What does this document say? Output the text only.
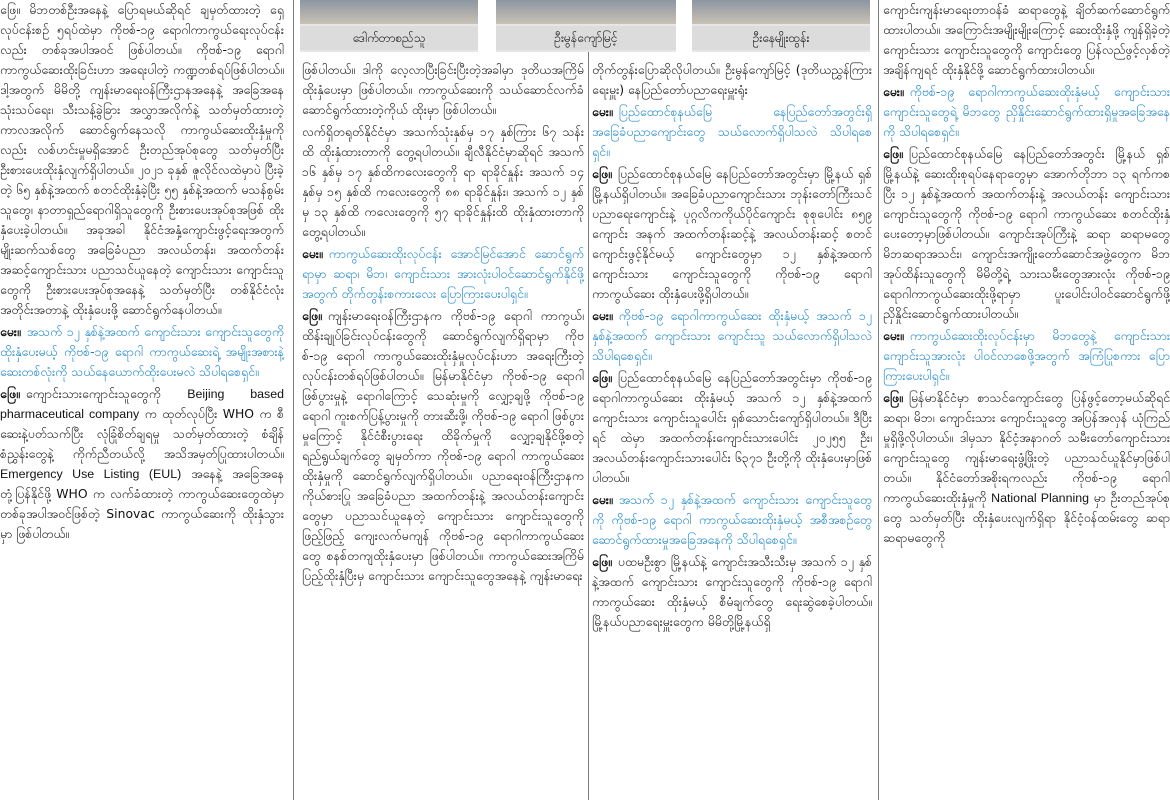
ဖြေ။ မိဘတစ်ဦးအနေနဲ့ ပြောရမယ်ဆိုရင် ချမှတ်ထားတဲ့ ရှေ့လုပ်ငန်းစဉ် ၅ရပ်ထဲမှာ ကိုဗစ်-၁၉ ရောဂါကာကွယ်ရေးလုပ်ငန်းလည်း တစ်ခုအပါအဝင် ဖြစ်ပါတယ်။ ကိုဗစ်-၁၉ ရောဂါ ကာကွယ်ဆေးထိုးခြင်းဟာ အရေးပါတဲ့ ကဏ္ဍတစ်ရပ်ဖြစ်ပါတယ်။ ဒါ့အတွက် မိမိတို့ ကျန်းမာရေးဝန်ကြီးဌာနအနေနဲ့ အခြေအနေ သုံးသပ်ရေး၊ သီးသန့်ခွဲခြား အလွှာအလိုက်နဲ့ သတ်မှတ်ထားတဲ့ ကာလအလိုက် ဆောင်ရွက်နေသလို ကာကွယ်ဆေးထိုးနှံမှုကိုလည်း လစ်ဟင်းမှုမရှိအောင် ဦးတည်အုပ်စုတွေ သတ်မှတ်ပြီး ဦးစားပေးထိုးနှံလျက်ရှိပါတယ်။ ၂၀၂၁ ခုနှစ် ဇူလိုင်လထဲမှာပဲ ပြီးခဲ့တဲ့ ၆၅ နှစ်နဲ့အထက် စတင်ထိုးနှံခဲ့ပြီး ၅၅ နှစ်နဲ့အထက် မသန်စွမ်းသူတွေ၊ နာတာရှည်ရောဂါရှိသူတွေကို ဦးစားပေးအုပ်စုအဖြစ် ထိုးနှံပေးခဲ့ပါတယ်။ အခုအခါ နိုင်ငံအနှံ့ကျောင်းဖွင့်ရေးအတွက် မျိုးဆက်သစ်တွေ အခြေခံပညာ အလယ်တန်း၊ အထက်တန်းအဆင့်ကျောင်းသား ပညာသင်ယူနေတဲ့ ကျောင်းသား ကျောင်းသူတွေကို ဦးစားပေးအုပ်စုအနေနဲ့ သတ်မှတ်ပြီး တစ်နိုင်ငံလုံးအတိုင်းအတာနဲ့ ထိုးနှံပေးဖို့ ဆောင်ရွက်နေပါတယ်။

မေး။ အသက် ၁၂ နှစ်နဲ့အထက် ကျောင်းသား ကျောင်းသူတွေကို ထိုးနှံပေးမယ့် ကိုဗစ်-၁၉ ရောဂါ ကာကွယ်ဆေးရဲ့ အမျိုးအစားနဲ့ ဆေးတစ်လုံးကို သယ်နေယောက်ထိုးပေးမလဲ သိပါရစေရှင်။

ဖြေ။ ကျောင်းသားကျောင်းသူတွေကို Beijing based pharmaceutical company က ထုတ်လုပ်ပြီး WHO က စီဆေးနဲ့ပတ်သက်ပြီး လုံခြုံစိတ်ချရမှု သတ်မှတ်ထားတဲ့ စံချိန်စံညွှန်းတွေနဲ့ ကိုက်ညီတယ်လို့ အသိအမှတ်ပြုထားပါတယ်။ Emergency Use Listing (EUL) အနေနဲ့ အခြေအနေတုံ့ပြန်နိုင်ဖို့ WHO က လက်ခံထားတဲ့ ကာကွယ်ဆေးတွေထဲမှာ တစ်ခုအပါအဝင်ဖြစ်တဲ့ Sinovac ကာကွယ်ဆေးကို ထိုးနှံသွားမှာ ဖြစ်ပါတယ်။

ဒေါက်တာစည်သူ	ဦးမွန်ကျော်မြင့်	ဦးနေမျိုးထွန်း

ဖြစ်ပါတယ်။ ဒါကို လေ့လာပြီးခြင်းပြီးတဲ့အခါမှာ ဒုတိယအကြိမ်ထိုးနှံပေးမှာ ဖြစ်ပါတယ်။ ကာကွယ်ဆေးကို သယ်ဆောင်လက်ခံဆောင်ရွက်ထားတဲ့ကိုယ် ထိုးမှာ ဖြစ်ပါတယ်။

လက်ရှိတရုတ်နိုင်ငံမှာ အသက်သုံးနှစ်မှ ၁၇ နှစ်ကြား ၆၇ သန်းထိ ထိုးနှံထားတာကို တွေ့ရပါတယ်။ ချီလီနိုင်ငံမှာဆိုရင် အသက် ၁၆ နှစ်မှ ၁၇ နှစ်ထိကလေးတွေကို ရာ ရာခိုင်နှုန်း အသက် ၁၄ နှစ်မှ ၁၅ နှစ်ထိ ကလေးတွေကို ၈၈ ရာခိုင်နှုန်း၊ အသက် ၁၂ နှစ်မှ ၁၃ နှစ်ထိ ကလေးတွေကို ၅၇ ရာခိုင်နှုန်းထိ ထိုးနှံထားတာကို တွေ့ရပါတယ်။

မေး။ ကာကွယ်ဆေးထိုးလုပ်ငန်း အောင်မြင်အောင် ဆောင်ရွက်ရာမှာ ဆရာ၊ မိဘ၊ ကျောင်းသား အားလုံးပါဝင်ဆောင်ရွက်နိုင်ဖို့အတွက် တိုက်တွန်းစကားလေး ပြောကြားပေးပါရှင်။

ဖြေ။ ကျန်းမာရေးဝန်ကြီးဌာနက ကိုဗစ်-၁၉ ရောဂါ ကာကွယ်၊ ထိန်းချုပ်ခြင်းလုပ်ငန်းတွေကို ဆောင်ရွက်လျက်ရှိရာမှာ ကိုဗစ်-၁၉ ရောဂါ ကာကွယ်ဆေးထိုးနှံမှုလုပ်ငန်းဟာ အရေးကြီးတဲ့ လုပ်ငန်းတစ်ရပ်ဖြစ်ပါတယ်။ မြန်မာနိုင်ငံမှာ ကိုဗစ်-၁၉ ရောဂါဖြစ်ပွားမှုနဲ့ ရောဂါကြောင့် သေဆုံးမှုကို လျှော့ချဖို့ ကိုဗစ်-၁၉ ရောဂါ ကူးစက်ပြန့်ပွားမှုကို တားဆီးဖို့၊ ကိုဗစ်-၁၉ ရောဂါ ဖြစ်ပွားမှုကြောင့် နိုင်ငံစီးပွားရေး ထိခိုက်မှုကို လျှော့ချနိုင်ဖို့စတဲ့ ရည်ရွယ်ချက်တွေ ချမှတ်ကာ ကိုဗစ်-၁၉ ရောဂါ ကာကွယ်ဆေးထိုးနှံမှုကို ဆောင်ရွက်လျက်ရှိပါတယ်။ ပညာရေးဝန်ကြီးဌာနက ကိုယ်စားပြု အခြေခံပညာ အထက်တန်းနဲ့ အလယ်တန်းကျောင်းတွေမှာ ပညာသင်ယူနေတဲ့ ကျောင်းသား ကျောင်းသူတွေကို ဖြည့်ဖြည့် ကျေးလက်မကျန် ကိုဗစ်-၁၉ ရောဂါကာကွယ်ဆေးတွေ စနစ်တကျထိုးနှံပေးမှာ ဖြစ်ပါတယ်။ ကာကွယ်ဆေးအကြိမ်ပြည့်ထိုးနှံပြီးမှ ကျောင်းသား ကျောင်းသူတွေအနေနဲ့ ကျန်းမာရေး

တိုက်တွန်းပြောဆိုလိုပါတယ်။ ဦးမွန်ကျော်မြင့် (ဒုတိယညွှန်ကြားရေးမှူး) နေပြည်တော်ပညာရေးမှူးရုံး

မေး။ ပြည်ထောင်စုနယ်မြေ နေပြည်တော်အတွင်းရှိ အခြေခံပညာကျောင်းတွေ သယ်လောက်ရှိပါသလဲ သိပါရစေရှင်။

ဖြေ။ ပြည်ထောင်စုနယ်မြေ နေပြည်တော်အတွင်းမှာ မြို့နယ် ရှစ်မြို့နယ်ရှိပါတယ်။ အခြေခံပညာကျောင်းသား ဘုန်းတော်ကြီးသင်ပညာရေးကျောင်းနဲ့ ပုဂ္ဂလိကကိုယ်ပိုင်ကျောင်း စုစုပေါင်း ၈၅၉ ကျောင်း အနက် အထက်တန်းဆင့်နဲ့ အလယ်တန်းဆင့် စတင်ကျောင်းဖွင့်နိုင်မယ့် ကျောင်းတွေမှာ ၁၂ နှစ်နဲ့အထက် ကျောင်းသား ကျောင်းသူတွေကို ကိုဗစ်-၁၉ ရောဂါ ကာကွယ်ဆေး ထိုးနှံပေးဖို့ရှိပါတယ်။

မေး။ ကိုဗစ်-၁၉ ရောဂါကာကွယ်ဆေး ထိုးနှံမယ့် အသက် ၁၂ နှစ်နဲ့အထက် ကျောင်းသား ကျောင်းသူ သယ်လောက်ရှိပါသလဲ သိပါရစေရှင်။

ဖြေ။ ပြည်ထောင်စုနယ်မြေ နေပြည်တော်အတွင်းမှာ ကိုဗစ်-၁၉ ရောဂါကာကွယ်ဆေး ထိုးနှံမယ့် အသက် ၁၂ နှစ်နဲ့အထက် ကျောင်းသား ကျောင်းသူပေါင်း ရှစ်သောင်းကျော်ရှိပါတယ်။ ဒီပြီးရင် ထဲမှာ အထက်တန်းကျောင်းသားပေါင်း ၂၀၂၅၅ ဦး၊ အလယ်တန်းကျောင်းသားပေါင်း ၆၃၇၁ ဦးတို့ကို ထိုးနှံပေးမှာဖြစ်ပါတယ်။

မေး။ အသက် ၁၂ နှစ်နဲ့အထက် ကျောင်းသား ကျောင်းသူတွေကို ကိုဗစ်-၁၉ ရောဂါ ကာကွယ်ဆေးထိုးနှံမယ့် အစီအစဉ်တွေ ဆောင်ရွက်ထားမှုအခြေအနေကို သိပါရစေရှင်။

ဖြေ။ ပထမဦးစွာ မြို့နယ်နဲ့ ကျောင်းအသီးသီးမှ အသက် ၁၂ နှစ်နဲ့အထက် ကျောင်းသား ကျောင်းသူတွေကို ကိုဗစ်-၁၉ ရောဂါ ကာကွယ်ဆေး ထိုးနှံမယ့် စီမံချက်တွေ ရေးဆွဲစေခဲ့ပါတယ်။ မြို့နယ်ပညာရေးမှူးတွေက မိမိတို့မြို့နယ်ရှိ

ကျောင်းကျန်းမာရေးတာဝန်ခံ ဆရာတွေနဲ့ ချိတ်ဆက်ဆောင်ရွက်ထားပါတယ်။ အကြောင်းအမျိုးမျိုးကြောင့် ဆေးထိုးနှံဖို့ ကျန်ရှိခဲ့တဲ့ ကျောင်းသား ကျောင်းသူတွေကို ကျောင်းတွေ ပြန်လည်ဖွင့်လှစ်တဲ့အချိန်ကျရင် ထိုးနှံနိုင်ဖို့ ဆောင်ရွက်ထားပါတယ်။

မေး။ ကိုဗစ်-၁၉ ရောဂါကာကွယ်ဆေးထိုးနှံမယ့် ကျောင်းသား ကျောင်းသူတွေရဲ့ မိဘတွေ ညှိနှိုင်းဆောင်ရွက်ထားရှိမှုအခြေအနေကို သိပါရစေရှင်။

ဖြေ။ ပြည်ထောင်စုနယ်မြေ နေပြည်တော်အတွင်း မြို့နယ် ရှစ်မြို့နယ်နဲ့ ဆေးထိုးစုရပ်နေရာတွေမှာ အောက်တိုဘာ ၁၃ ရက်ကစပြီး ၁၂ နှစ်နဲ့အထက် အထက်တန်းနဲ့ အလယ်တန်း ကျောင်းသား ကျောင်းသူတွေကို ကိုဗစ်-၁၉ ရောဂါ ကာကွယ်ဆေး စတင်ထိုးနှံပေးတော့မှာဖြစ်ပါတယ်။ ကျောင်းအုပ်ကြီးနဲ့ ဆရာ ဆရာမတွေ မိဘဆရာအသင်း၊ ကျောင်းအကျိုးတော်ဆောင်အဖွဲ့တွေက မိဘအုပ်ထိန်းသူတွေကို မိမိတို့ရဲ့ သားသမီးတွေအားလုံး ကိုဗစ်-၁၉ ရောဂါကာကွယ်ဆေးထိုးဖို့ရာမှာ ပူးပေါင်းပါဝင်ဆောင်ရွက်ဖို့ ညှိနှိုင်းဆောင်ရွက်ထားပါတယ်။

မေး။ ကာကွယ်ဆေးထိုးလုပ်ငန်းမှာ မိဘတွေနဲ့ ကျောင်းသား ကျောင်းသူအားလုံး ပါဝင်လာစေဖို့အတွက် အကြံပြုစကား ပြောကြားပေးပါရှင်။

ဖြေ။ မြန်မာနိုင်ငံမှာ စာသင်ကျောင်းတွေ ပြန်ဖွင့်တော့မယ်ဆိုရင် ဆရာ၊ မိဘ၊ ကျောင်းသား ကျောင်းသူတွေ အပြန်အလှန် ယုံကြည်မှုရှိဖို့လိုပါတယ်။ ဒါမှသာ နိုင်ငံ့အနာဂတ် သမီးတော်ကျောင်းသား ကျောင်းသူတွေ ကျန်းမာရေးဖွံ့ဖြိုးတဲ့ ပညာသင်ယူနိုင်မှာဖြစ်ပါတယ်။ နိုင်ငံတော်အစိုးရကလည်း ကိုဗစ်-၁၉ ရောဂါ ကာကွယ်ဆေးထိုးနှံမှုကို National Planning မှာ ဦးတည်အုပ်စုတွေ သတ်မှတ်ပြီး ထိုးနှံပေးလျက်ရှိရာ နိုင်ငံ့ဝန်ထမ်းတွေ ဆရာ ဆရာမတွေကို
